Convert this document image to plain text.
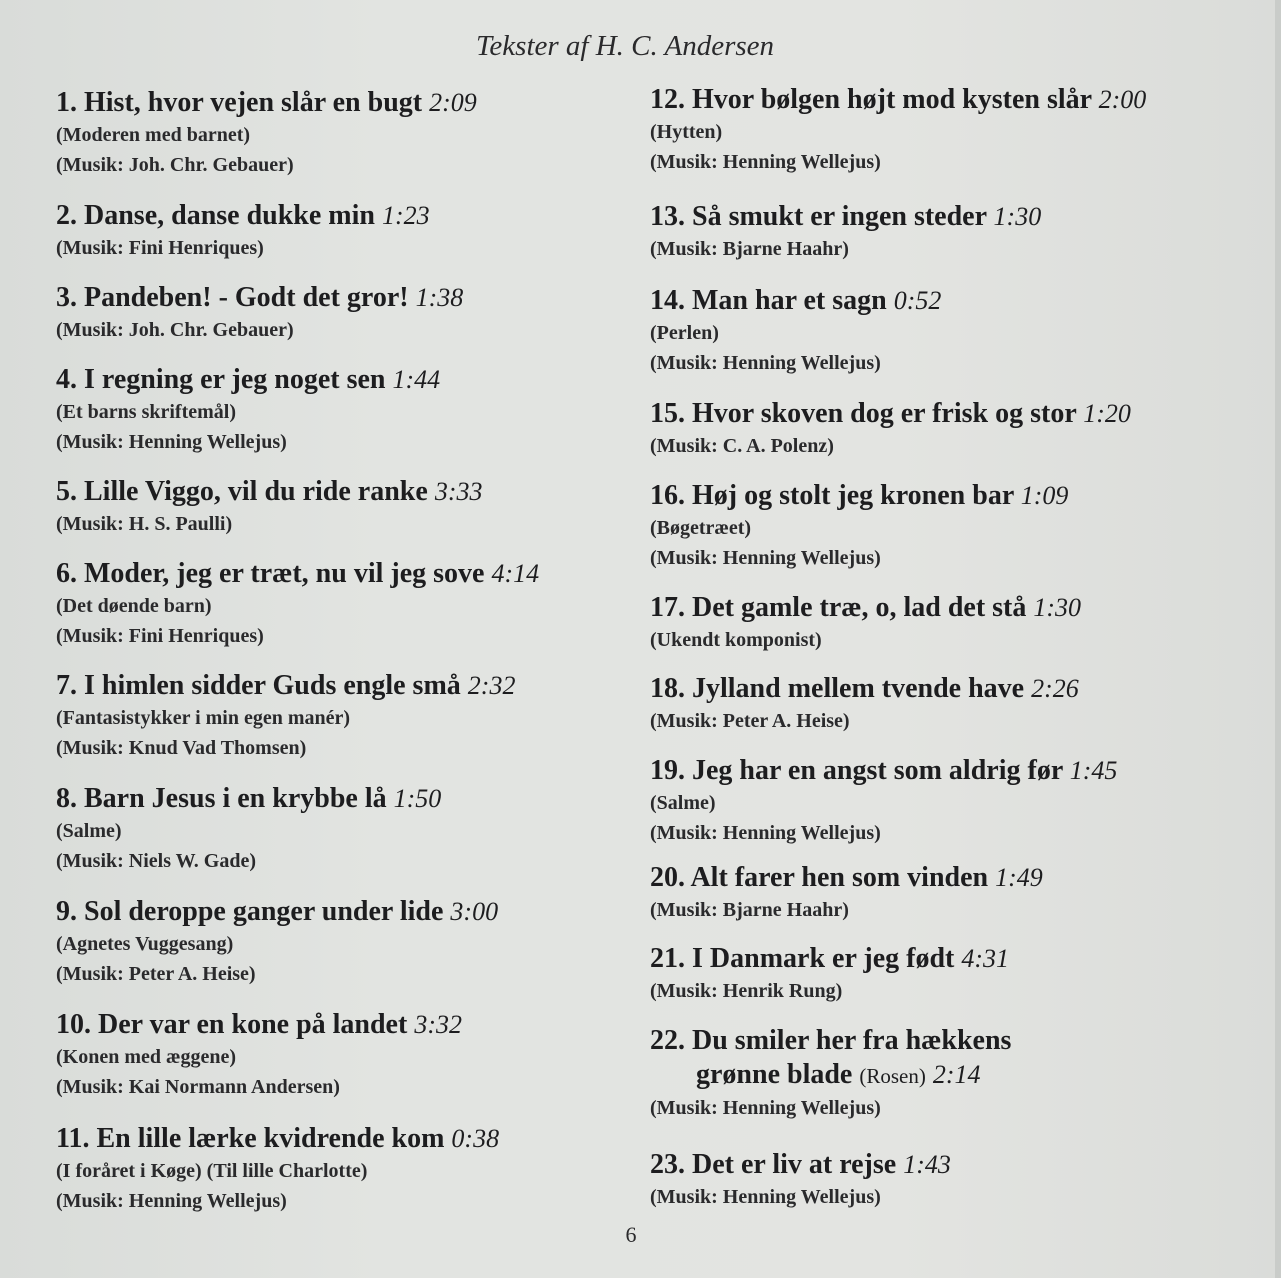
Tekster af H. C. Andersen
1. Hist, hvor vejen slår en bugt 2:09
(Moderen med barnet)
(Musik: Joh. Chr. Gebauer)
2. Danse, danse dukke min 1:23
(Musik: Fini Henriques)
3. Pandeben! - Godt det gror! 1:38
(Musik: Joh. Chr. Gebauer)
4. I regning er jeg noget sen 1:44
(Et barns skriftemål)
(Musik: Henning Wellejus)
5. Lille Viggo, vil du ride ranke 3:33
(Musik: H. S. Paulli)
6. Moder, jeg er træt, nu vil jeg sove 4:14
(Det døende barn)
(Musik: Fini Henriques)
7. I himlen sidder Guds engle små 2:32
(Fantasistykker i min egen manér)
(Musik: Knud Vad Thomsen)
8. Barn Jesus i en krybbe lå 1:50
(Salme)
(Musik: Niels W. Gade)
9. Sol deroppe ganger under lide 3:00
(Agnetes Vuggesang)
(Musik: Peter A. Heise)
10. Der var en kone på landet 3:32
(Konen med æggene)
(Musik: Kai Normann Andersen)
11. En lille lærke kvidrende kom 0:38
(I foråret i Køge) (Til lille Charlotte)
(Musik: Henning Wellejus)
12. Hvor bølgen højt mod kysten slår 2:00
(Hytten)
(Musik: Henning Wellejus)
13. Så smukt er ingen steder 1:30
(Musik: Bjarne Haahr)
14. Man har et sagn 0:52
(Perlen)
(Musik: Henning Wellejus)
15. Hvor skoven dog er frisk og stor 1:20
(Musik: C. A. Polenz)
16. Høj og stolt jeg kronen bar 1:09
(Bøgetræet)
(Musik: Henning Wellejus)
17. Det gamle træ, o, lad det stå 1:30
(Ukendt komponist)
18. Jylland mellem tvende have 2:26
(Musik: Peter A. Heise)
19. Jeg har en angst som aldrig før 1:45
(Salme)
(Musik: Henning Wellejus)
20. Alt farer hen som vinden 1:49
(Musik: Bjarne Haahr)
21. I Danmark er jeg født 4:31
(Musik: Henrik Rung)
22. Du smiler her fra hækkens
grønne blade (Rosen) 2:14
(Musik: Henning Wellejus)
23. Det er liv at rejse 1:43
(Musik: Henning Wellejus)
6
